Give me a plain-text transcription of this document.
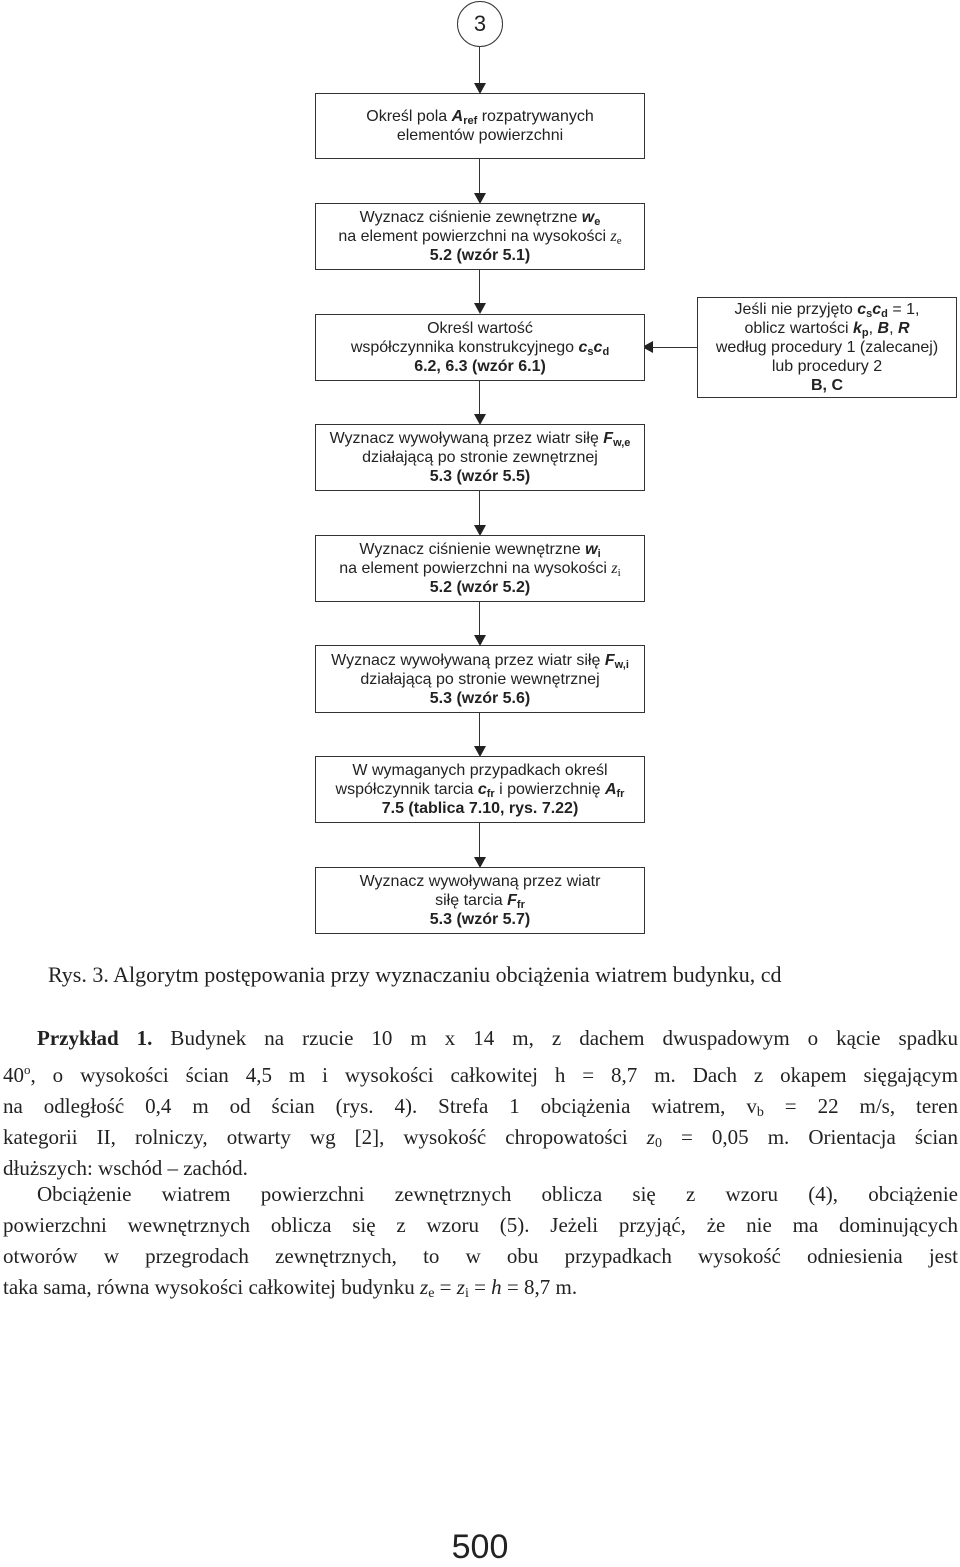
3
Określ pola $A_{ref}$ rozpatrywanych
elementów powierzchni
Wyznacz ciśnienie zewnętrzne $w_e$
na element powierzchni na wysokości $z_e$
5.2 (wzór 5.1)
Określ wartość
współczynnika konstrukcyjnego $c_sc_d$
6.2, 6.3 (wzór 6.1)
Jeśli nie przyjęto $c_sc_d = 1$,
oblicz wartości $k_p$, B, R
według procedury 1 (zalecanej)
lub procedury 2
B, C
Wyznacz wywoływaną przez wiatr siłę $F_{w,e}$
działającą po stronie zewnętrznej
5.3 (wzór 5.5)
Wyznacz ciśnienie wewnętrzne $w_i$
na element powierzchni na wysokości $z_i$
5.2 (wzór 5.2)
Wyznacz wywoływaną przez wiatr siłę $F_{w,i}$
działającą po stronie wewnętrznej
5.3 (wzór 5.6)
W wymaganych przypadkach określ
współczynnik tarcia $c_{fr}$ i powierzchnię $A_{fr}$
7.5 (tablica 7.10, rys. 7.22)
Wyznacz wywoływaną przez wiatr
siłę tarcia $F_{fr}$
5.3 (wzór 5.7)
Rys. 3. Algorytm postępowania przy wyznaczaniu obciążenia wiatrem budynku, cd
Przykład 1. Budynek na rzucie 10 m x 14 m, z dachem dwuspadowym o kącie spadku
40$^o$, o wysokości ścian 4,5 m i wysokości całkowitej h = 8,7 m. Dach z okapem sięgającym
na odległość 0,4 m od ścian (rys. 4). Strefa 1 obciążenia wiatrem, $v_b = 22$ m/s, teren
kategorii II, rolniczy, otwarty wg [2], wysokość chropowatości $z_0 = 0,05$ m. Orientacja ścian
dłuższych: wschód – zachód.
Obciążenie wiatrem powierzchni zewnętrznych oblicza się z wzoru (4), obciążenie
powierzchni wewnętrznych oblicza się z wzoru (5). Jeżeli przyjąć, że nie ma dominujących
otworów w przegrodach zewnętrznych, to w obu przypadkach wysokość odniesienia jest
taka sama, równa wysokości całkowitej budynku $z_e = z_i = h = 8,7$ m.
500
